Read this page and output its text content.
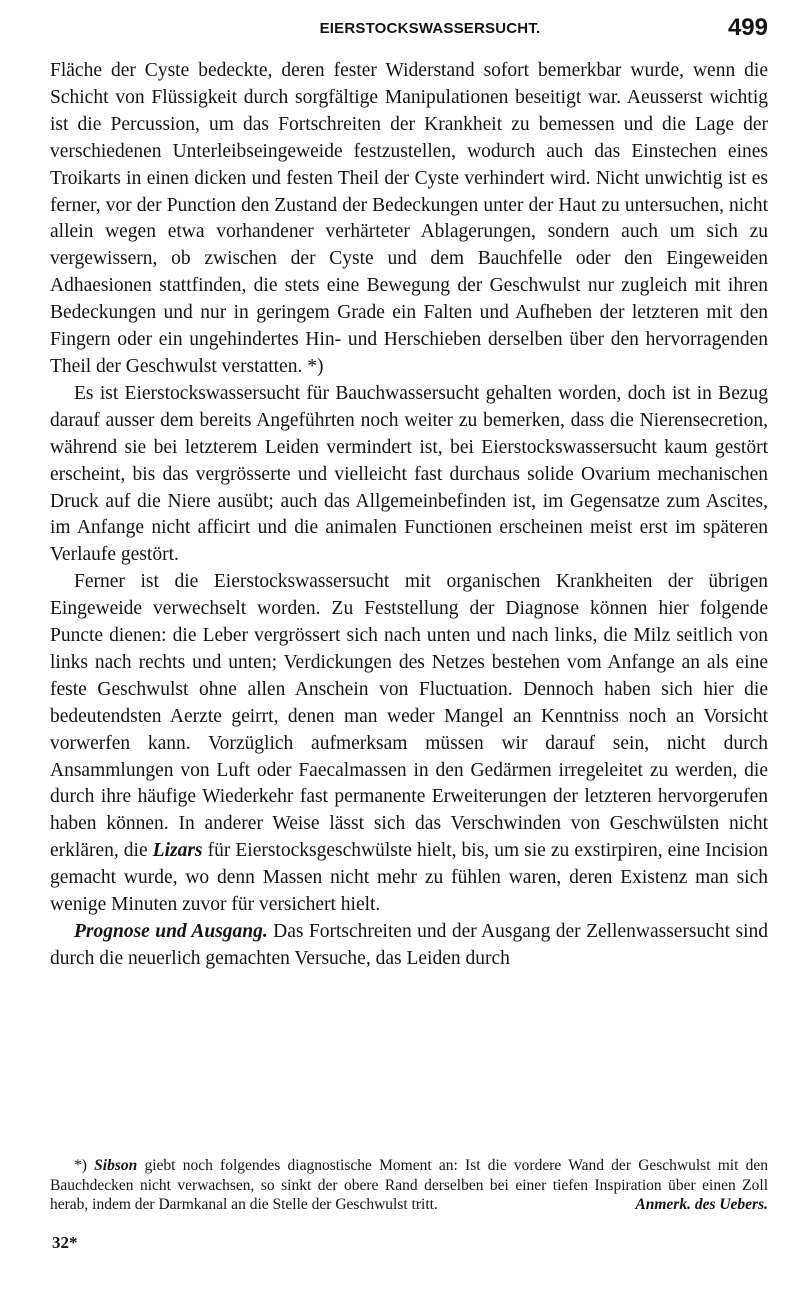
EIERSTOCKSWASSERSUCHT.	499

Fläche der Cyste bedeckte, deren fester Widerstand sofort bemerkbar wurde, wenn die Schicht von Flüssigkeit durch sorgfältige Manipulationen beseitigt war. Aeusserst wichtig ist die Percussion, um das Fortschreiten der Krankheit zu bemessen und die Lage der verschiedenen Unterleibseingeweide festzustellen, wodurch auch das Einstechen eines Troikarts in einen dicken und festen Theil der Cyste verhindert wird. Nicht unwichtig ist es ferner, vor der Punction den Zustand der Bedeckungen unter der Haut zu untersuchen, nicht allein wegen etwa vorhandener verhärteter Ablagerungen, sondern auch um sich zu vergewissern, ob zwischen der Cyste und dem Bauchfelle oder den Eingeweiden Adhaesionen stattfinden, die stets eine Bewegung der Geschwulst nur zugleich mit ihren Bedeckungen und nur in geringem Grade ein Falten und Aufheben der letzteren mit den Fingern oder ein ungehindertes Hin- und Herschieben derselben über den hervorragenden Theil der Geschwulst verstatten. *)

Es ist Eierstockswassersucht für Bauchwassersucht gehalten worden, doch ist in Bezug darauf ausser dem bereits Angeführten noch weiter zu bemerken, dass die Nierensecretion, während sie bei letzterem Leiden vermindert ist, bei Eierstockswassersucht kaum gestört erscheint, bis das vergrösserte und vielleicht fast durchaus solide Ovarium mechanischen Druck auf die Niere ausübt; auch das Allgemeinbefinden ist, im Gegensatze zum Ascites, im Anfange nicht afficirt und die animalen Functionen erscheinen meist erst im späteren Verlaufe gestört.

Ferner ist die Eierstockswassersucht mit organischen Krankheiten der übrigen Eingeweide verwechselt worden. Zu Feststellung der Diagnose können hier folgende Puncte dienen: die Leber vergrössert sich nach unten und nach links, die Milz seitlich von links nach rechts und unten; Verdickungen des Netzes bestehen vom Anfange an als eine feste Geschwulst ohne allen Anschein von Fluctuation. Dennoch haben sich hier die bedeutendsten Aerzte geirrt, denen man weder Mangel an Kenntniss noch an Vorsicht vorwerfen kann. Vorzüglich aufmerksam müssen wir darauf sein, nicht durch Ansammlungen von Luft oder Faecalmassen in den Gedärmen irregeleitet zu werden, die durch ihre häufige Wiederkehr fast permanente Erweiterungen der letzteren hervorgerufen haben können. In anderer Weise lässt sich das Verschwinden von Geschwülsten nicht erklären, die Lizars für Eierstocksgeschwülste hielt, bis, um sie zu exstirpiren, eine Incision gemacht wurde, wo denn Massen nicht mehr zu fühlen waren, deren Existenz man sich wenige Minuten zuvor für versichert hielt.

Prognose und Ausgang. Das Fortschreiten und der Ausgang der Zellenwassersucht sind durch die neuerlich gemachten Versuche, das Leiden durch

*) Sibson giebt noch folgendes diagnostische Moment an: Ist die vordere Wand der Geschwulst mit den Bauchdecken nicht verwachsen, so sinkt der obere Rand derselben bei einer tiefen Inspiration über einen Zoll herab, indem der Darmkanal an die Stelle der Geschwulst tritt.	Anmerk. des Uebers.

32*
